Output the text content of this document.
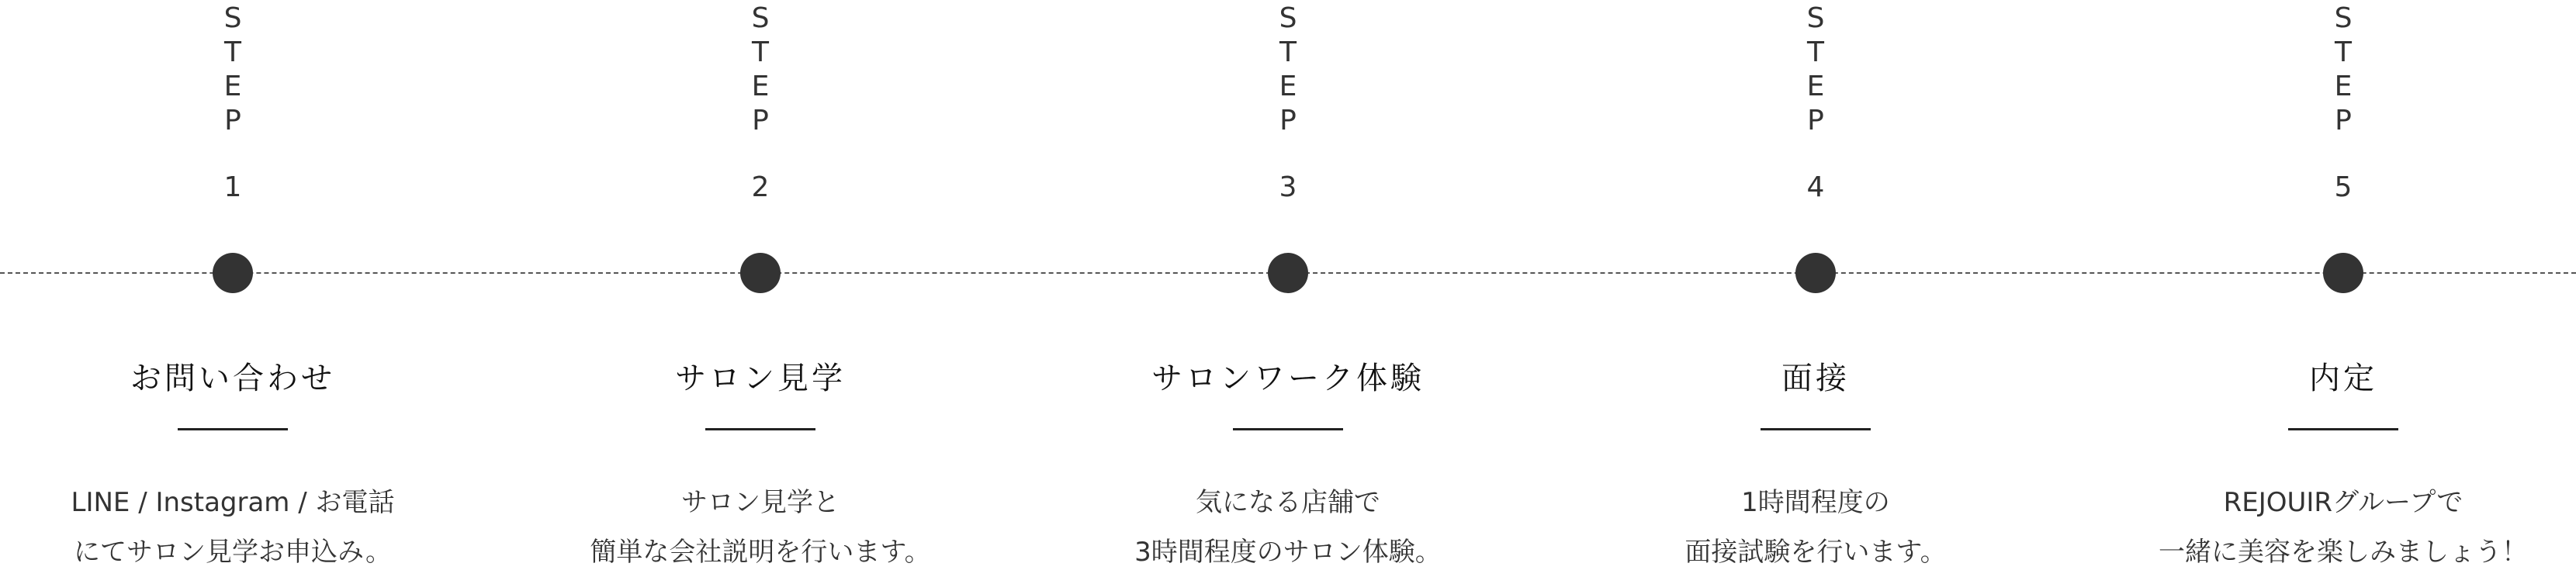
S
T
E
P
1
お問い合わせ
LINE / Instagram / お電話
にてサロン見学お申込み。
S
T
E
P
2
サロン見学
サロン見学と
簡単な会社説明を行います。
S
T
E
P
3
サロンワーク体験
気になる店舗で
3時間程度のサロン体験。
S
T
E
P
4
面接
1時間程度の
面接試験を行います。
S
T
E
P
5
内定
REJOUIRグループで
一緒に美容を楽しみましょう！
